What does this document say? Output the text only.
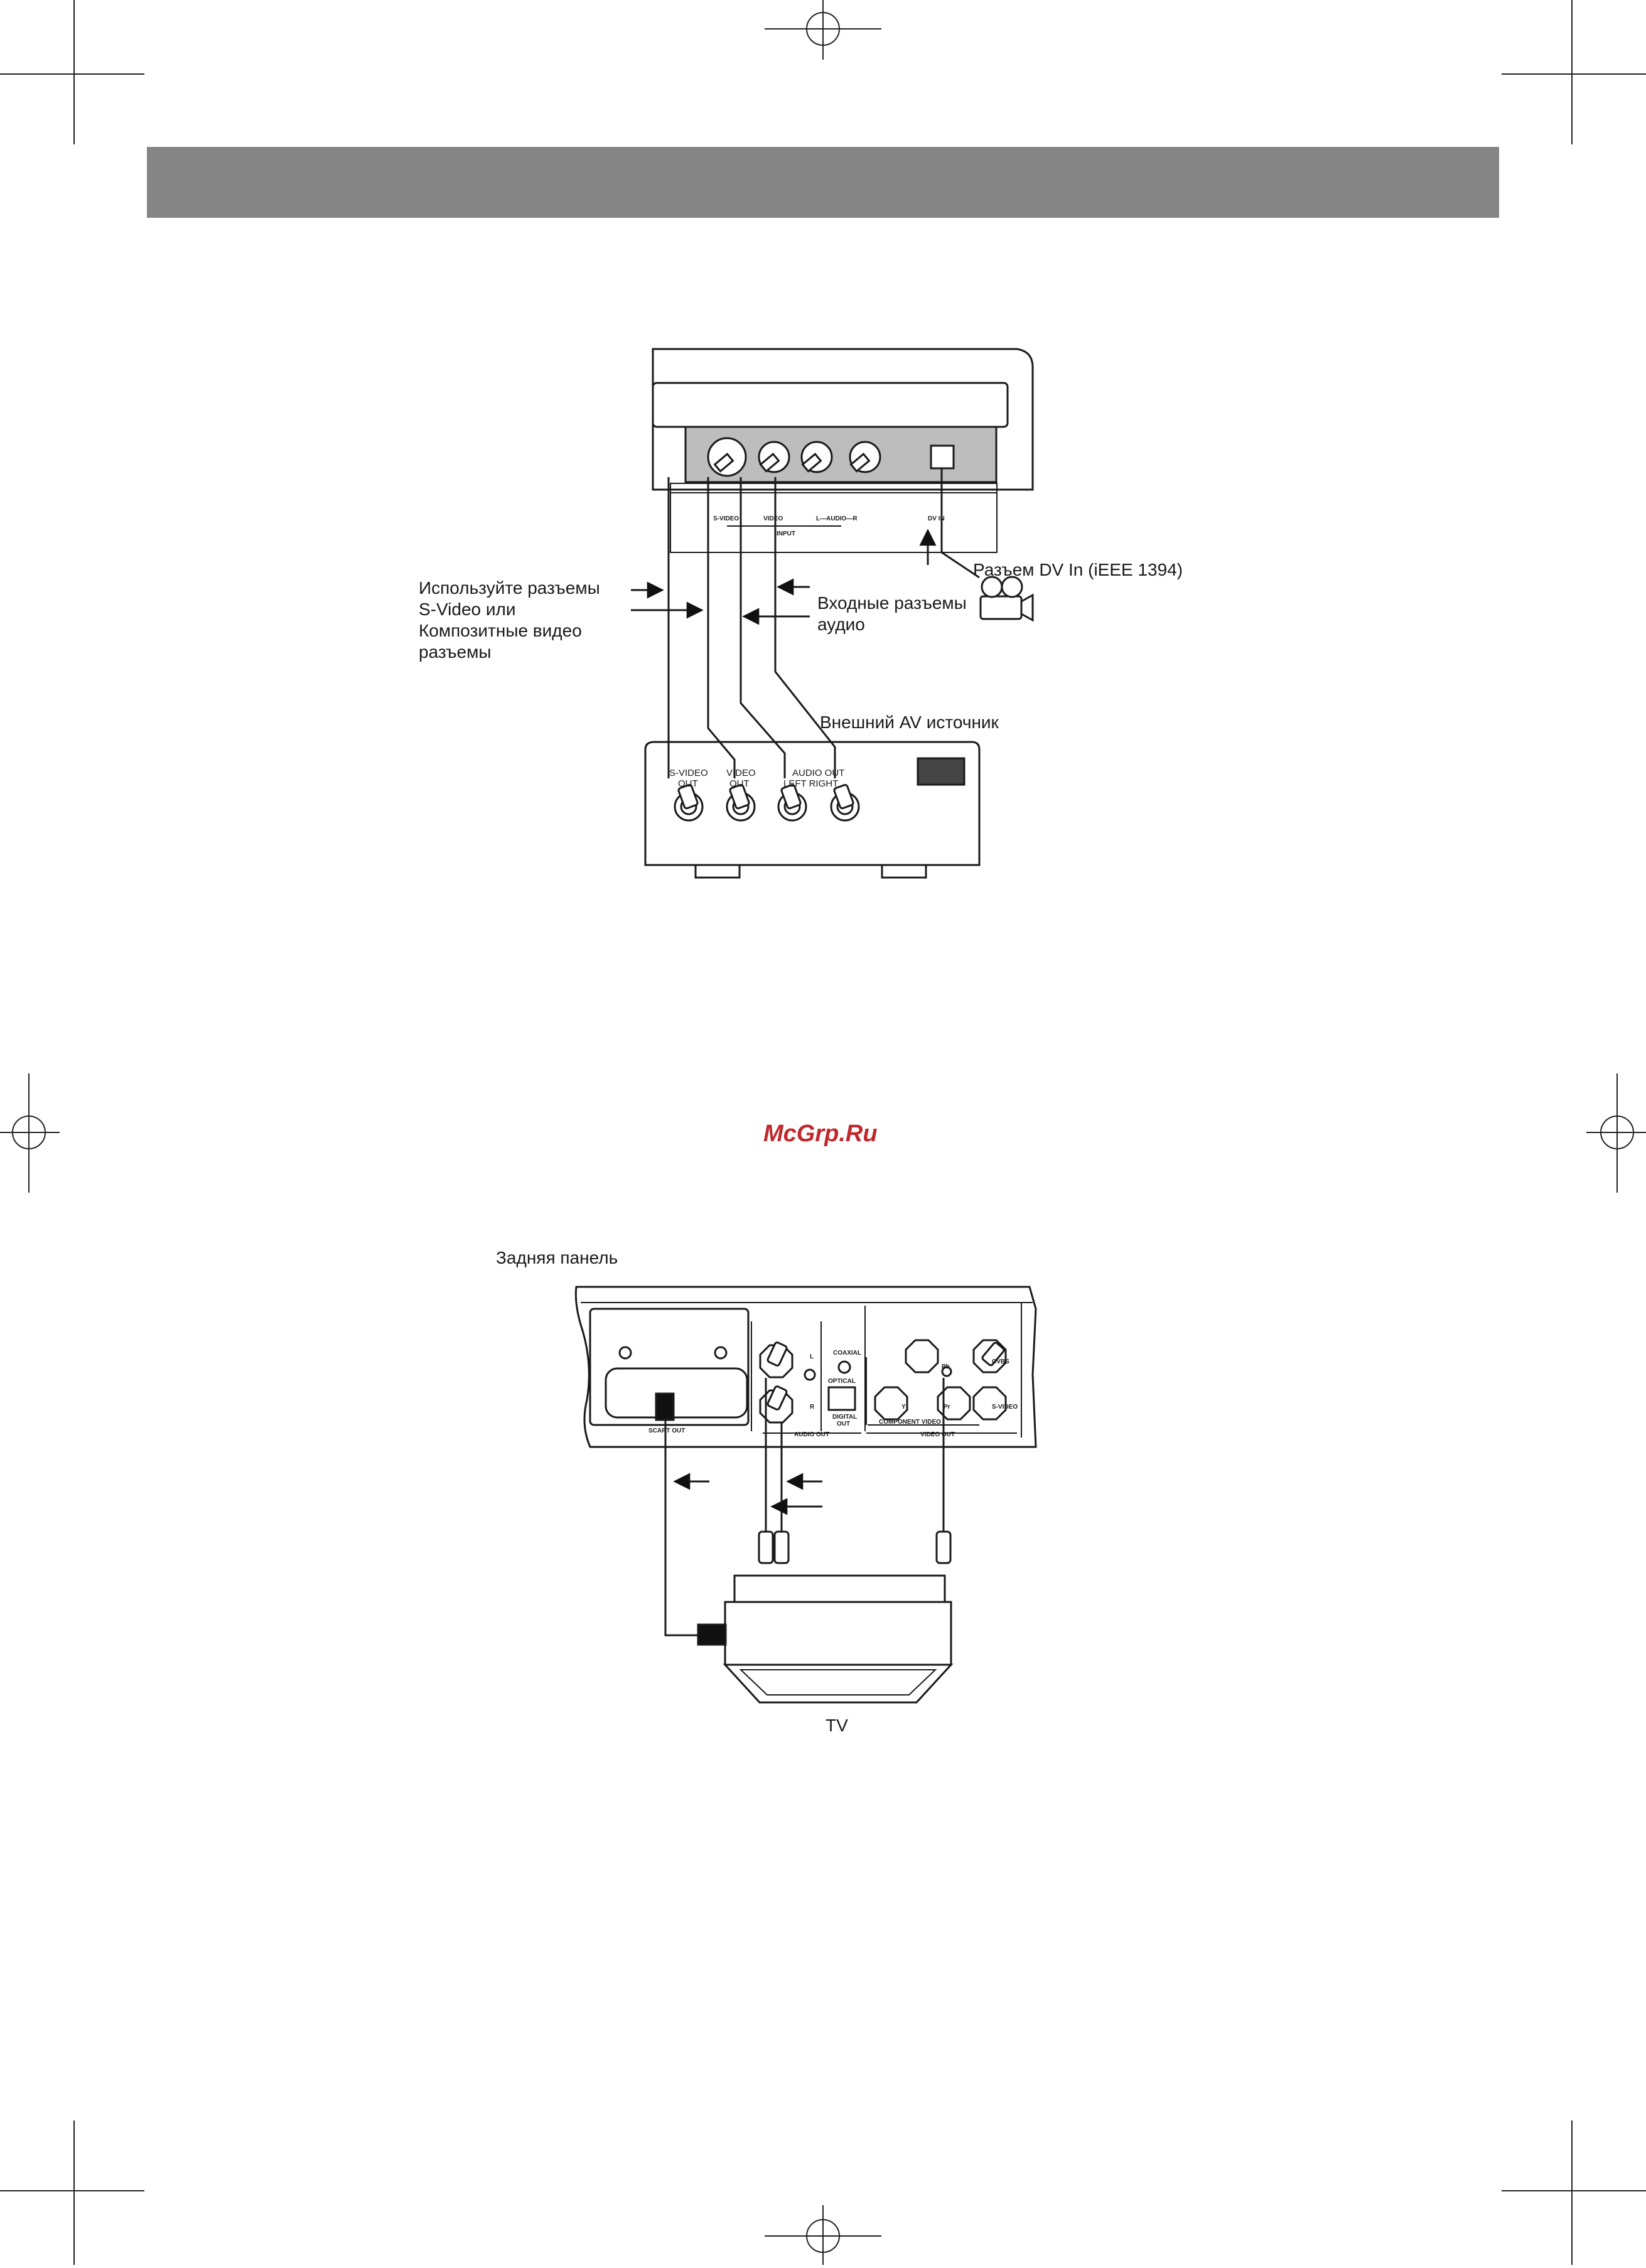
S-VIDEO	VIDEO	L—AUDIO—R
INPUT
DV IN
Разъем DV In (iEEE 1394)
Используйте разъемы
S-Video или
Композитные видео
разъемы
Входные разъемы
аудио
Внешний AV источник
S-VIDEO
OUT
VIDEO
OUT
AUDIO OUT
LEFT RIGHT
McGrp.Ru
Задняя панель
SCART OUT
L
R
AUDIO OUT
COAXIAL
OPTICAL
DIGITAL
OUT
Pb
Y	Pr
CVBS
S-VIDEO
COMPONENT VIDEO
VIDEO OUT
TV
